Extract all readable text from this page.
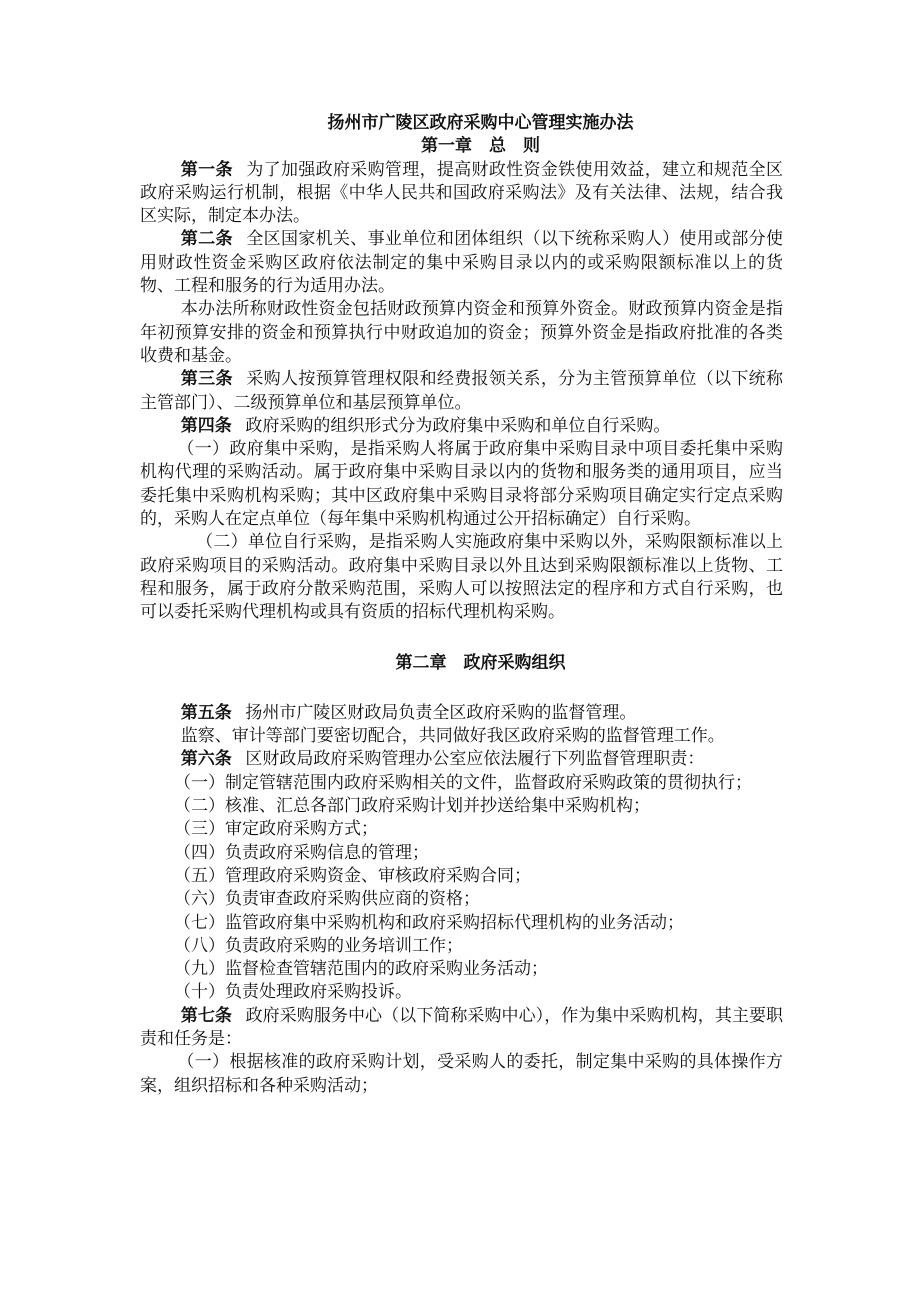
扬州市广陵区政府采购中心管理实施办法
第一章　总　则

第一条 为了加强政府采购管理，提高财政性资金铁使用效益，建立和规范全区政府采购运行机制，根据《中华人民共和国政府采购法》及有关法律、法规，结合我区实际，制定本办法。

第二条 全区国家机关、事业单位和团体组织（以下统称采购人）使用或部分使用财政性资金采购区政府依法制定的集中采购目录以内的或采购限额标准以上的货物、工程和服务的行为适用办法。

本办法所称财政性资金包括财政预算内资金和预算外资金。财政预算内资金是指年初预算安排的资金和预算执行中财政追加的资金；预算外资金是指政府批准的各类收费和基金。

第三条 采购人按预算管理权限和经费报领关系，分为主管预算单位（以下统称主管部门）、二级预算单位和基层预算单位。

第四条 政府采购的组织形式分为政府集中采购和单位自行采购。

（一）政府集中采购，是指采购人将属于政府集中采购目录中项目委托集中采购机构代理的采购活动。属于政府集中采购目录以内的货物和服务类的通用项目，应当委托集中采购机构采购；其中区政府集中采购目录将部分采购项目确定实行定点采购的，采购人在定点单位（每年集中采购机构通过公开招标确定）自行采购。

（二）单位自行采购，是指采购人实施政府集中采购以外，采购限额标准以上政府采购项目的采购活动。政府集中采购目录以外且达到采购限额标准以上货物、工程和服务，属于政府分散采购范围，采购人可以按照法定的程序和方式自行采购，也可以委托采购代理机构或具有资质的招标代理机构采购。

第二章　政府采购组织

第五条 扬州市广陵区财政局负责全区政府采购的监督管理。

监察、审计等部门要密切配合，共同做好我区政府采购的监督管理工作。

第六条 区财政局政府采购管理办公室应依法履行下列监督管理职责：

（一）制定管辖范围内政府采购相关的文件，监督政府采购政策的贯彻执行；

（二）核准、汇总各部门政府采购计划并抄送给集中采购机构；

（三）审定政府采购方式；

（四）负责政府采购信息的管理；

（五）管理政府采购资金、审核政府采购合同；

（六）负责审查政府采购供应商的资格；

（七）监管政府集中采购机构和政府采购招标代理机构的业务活动；

（八）负责政府采购的业务培训工作；

（九）监督检查管辖范围内的政府采购业务活动；

（十）负责处理政府采购投诉。

第七条 政府采购服务中心（以下简称采购中心），作为集中采购机构，其主要职责和任务是：

（一）根据核准的政府采购计划，受采购人的委托，制定集中采购的具体操作方案，组织招标和各种采购活动；
